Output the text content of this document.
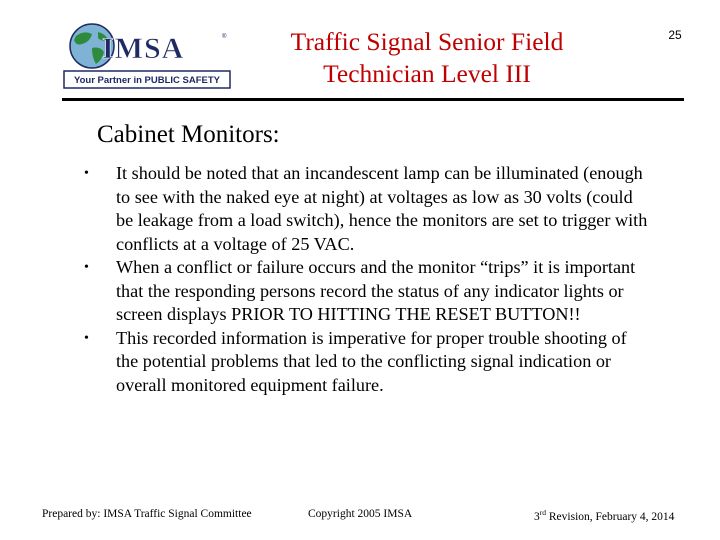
IMSA	®
Your Partner in PUBLIC SAFETY
Traffic Signal Senior Field Technician Level III
25
Cabinet Monitors:
• It should be noted that an incandescent lamp can be illuminated (enough to see with the naked eye at night) at voltages as low as 30 volts (could be leakage from a load switch), hence the monitors are set to trigger with conflicts at a voltage of 25 VAC.
• When a conflict or failure occurs and the monitor “trips” it is important that the responding persons record the status of any indicator lights or screen displays PRIOR TO HITTING THE RESET BUTTON!!
• This recorded information is imperative for proper trouble shooting of the potential problems that led to the conflicting signal indication or overall monitored equipment failure.
Prepared by: IMSA Traffic Signal Committee	Copyright 2005 IMSA	3rd Revision, February 4, 2014
